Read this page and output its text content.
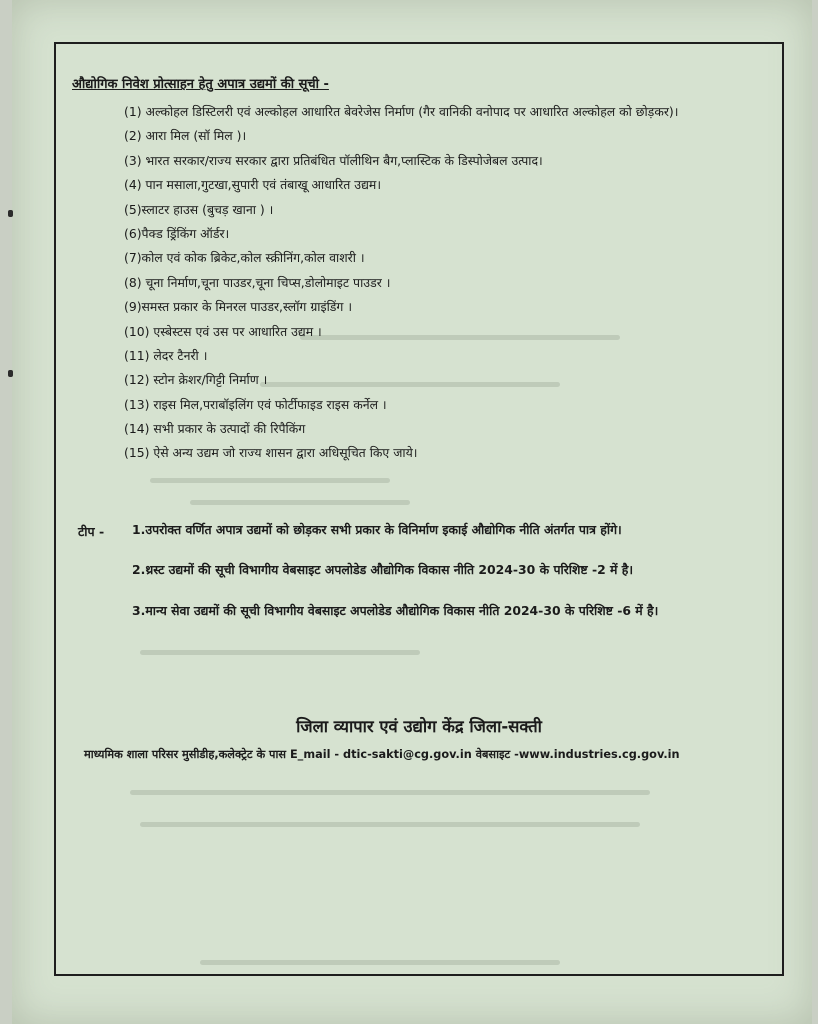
औद्योगिक निवेश प्रोत्साहन हेतु अपात्र उद्यमों की सूची -
(1) अल्कोहल डिस्टिलरी एवं अल्कोहल आधारित बेवरेजेस निर्माण (गैर वानिकी वनोपाद पर आधारित अल्कोहल को छोड़कर)।
(2) आरा मिल (सॉ मिल )।
(3) भारत सरकार/राज्य सरकार द्वारा प्रतिबंधित पॉलीथिन बैग,प्लास्टिक के डिस्पोजेबल उत्पाद।
(4) पान मसाला,गुटखा,सुपारी एवं तंबाखू आधारित उद्यम।
(5)स्लाटर हाउस (बुचड़ खाना ) ।
(6)पैक्ड ड्रिंकिंग ऑर्डर।
(7)कोल एवं कोक ब्रिकेट,कोल स्क्रीनिंग,कोल वाशरी ।
(8) चूना निर्माण,चूना पाउडर,चूना चिप्स,डोलोमाइट पाउडर ।
(9)समस्त प्रकार के मिनरल पाउडर,स्लॉग ग्राइंडिंग ।
(10) एस्बेस्टस एवं उस पर आधारित उद्यम ।
(11) लेदर टैनरी ।
(12) स्टोन क्रेशर/गिट्टी निर्माण ।
(13) राइस मिल,पराबॉइलिंग एवं फोर्टीफाइड राइस कर्नेल ।
(14) सभी प्रकार के उत्पादों की रिपैकिंग
(15) ऐसे अन्य उद्यम जो राज्य शासन द्वारा अधिसूचित किए जाये।
टीप - 1.उपरोक्त वर्णित अपात्र उद्यमों को छोड़कर सभी प्रकार के विनिर्माण इकाई औद्योगिक नीति अंतर्गत पात्र होंगे।
2.थ्रस्ट उद्यमों की सूची विभागीय वेबसाइट अपलोडेड औद्योगिक विकास नीति 2024-30 के परिशिष्ट -2 में है।
3.मान्य सेवा उद्यमों की सूची विभागीय वेबसाइट अपलोडेड औद्योगिक विकास नीति 2024-30 के परिशिष्ट -6 में है।
जिला व्यापार एवं उद्योग केंद्र जिला-सक्ती
माध्यमिक शाला परिसर मुसीडीह,कलेक्ट्रेट के पास E_mail - dtic-sakti@cg.gov.in वेबसाइट -www.industries.cg.gov.in
